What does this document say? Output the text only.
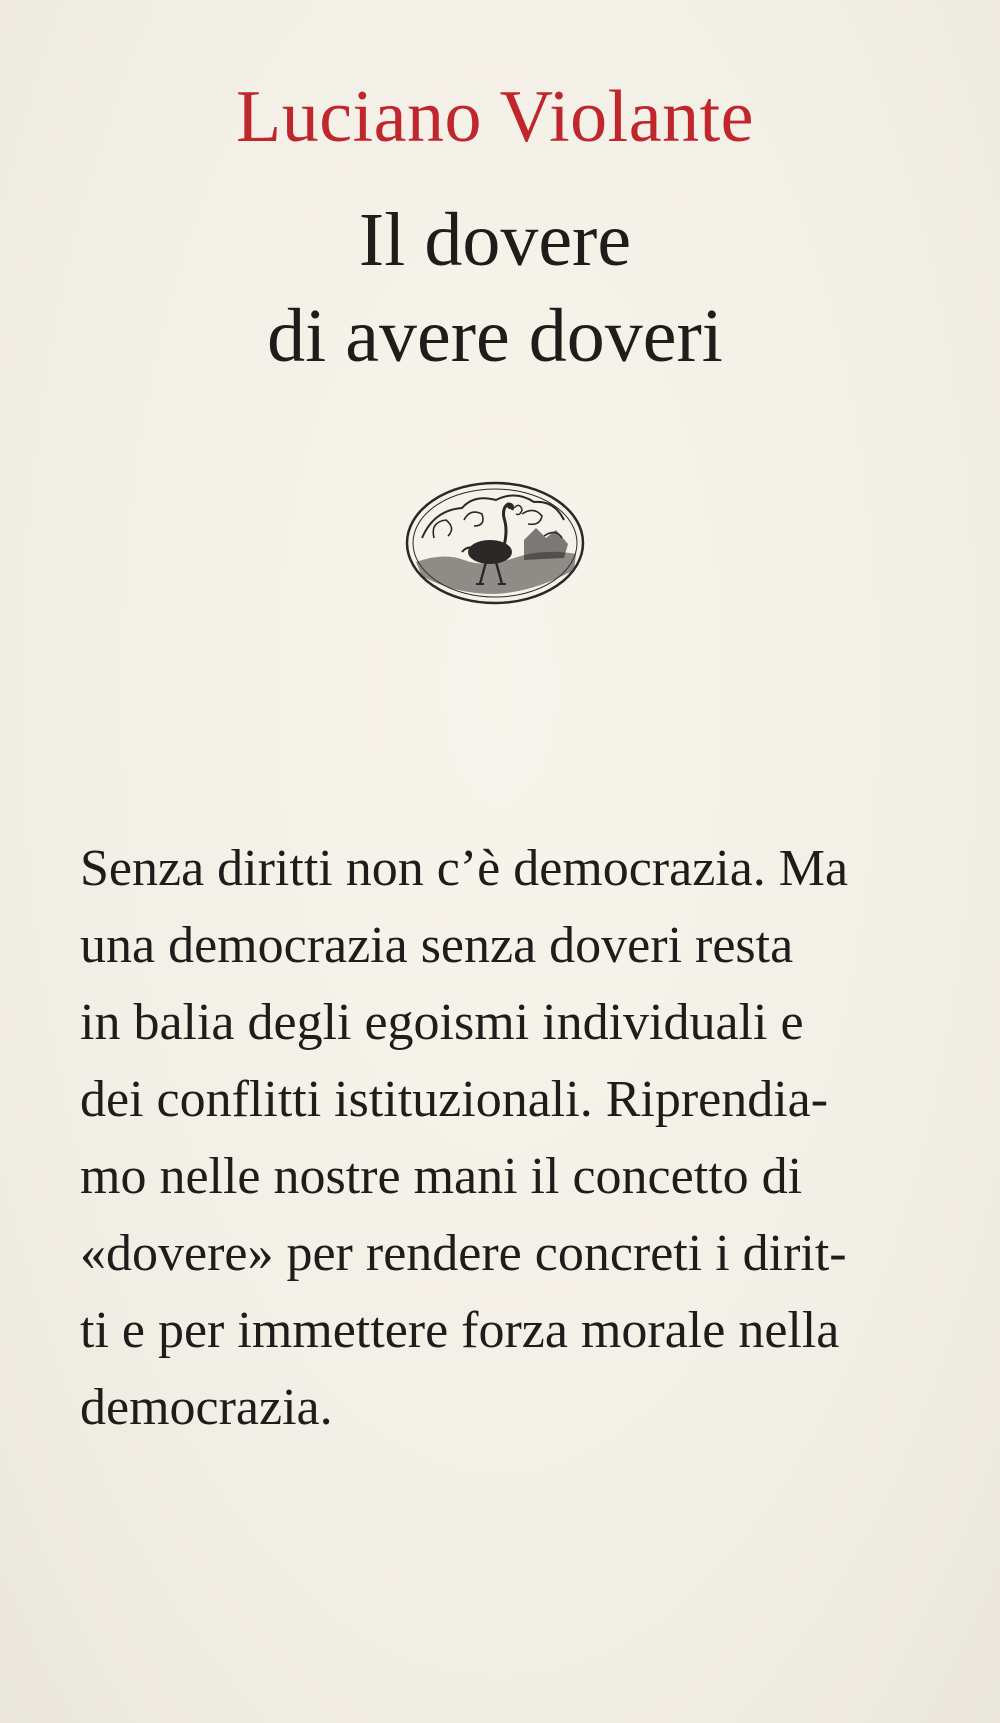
Luciano Violante
Il dovere
di avere doveri
Senza diritti non c’è democrazia. Ma
una democrazia senza doveri resta
in balia degli egoismi individuali e
dei conflitti istituzionali. Riprendia-
mo nelle nostre mani il concetto di
«dovere» per rendere concreti i dirit-
ti e per immettere forza morale nella
democrazia.
